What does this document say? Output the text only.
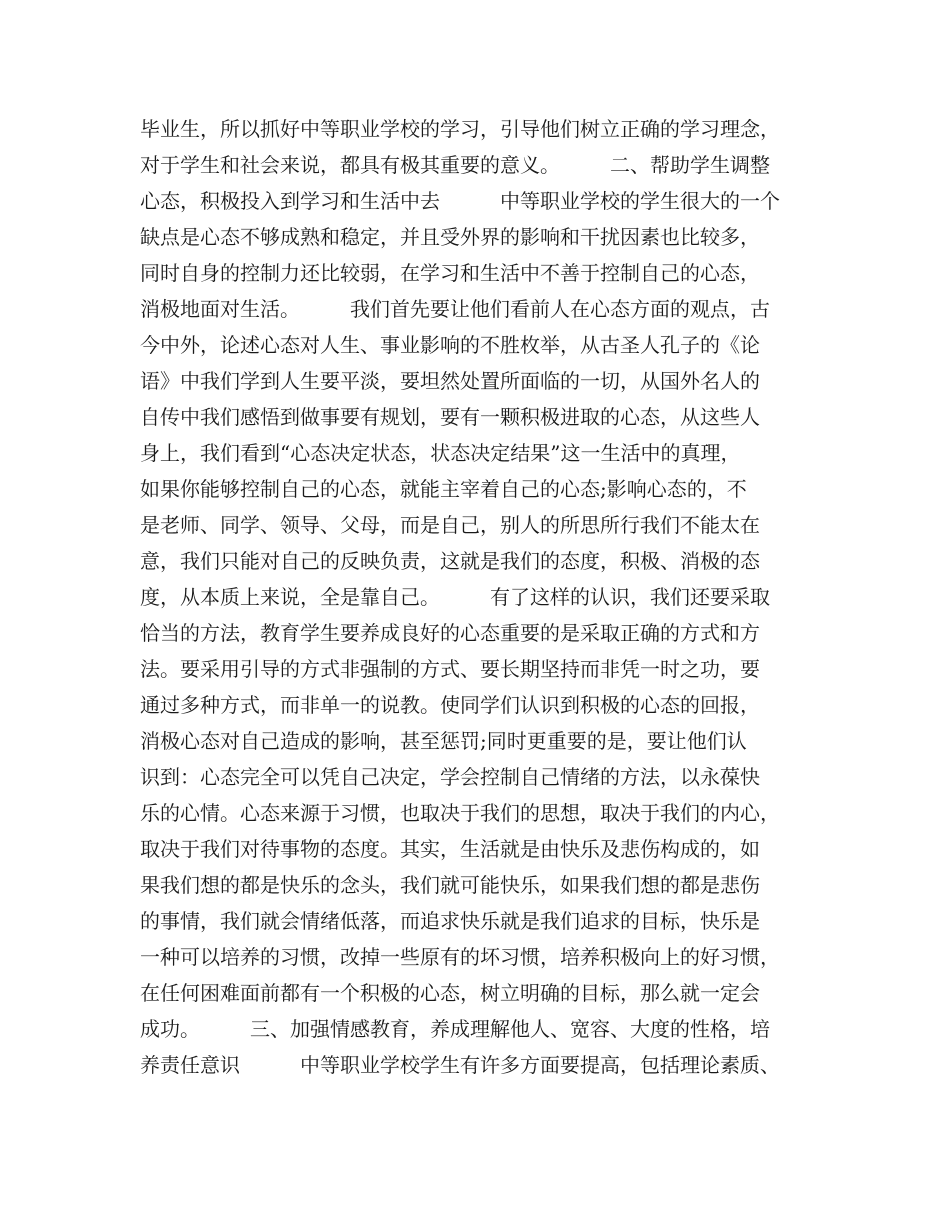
毕业生，所以抓好中等职业学校的学习，引导他们树立正确的学习理念，
对于学生和社会来说，都具有极其重要的意义。　　　二、帮助学生调整
心态，积极投入到学习和生活中去　　　中等职业学校的学生很大的一个
缺点是心态不够成熟和稳定，并且受外界的影响和干扰因素也比较多，
同时自身的控制力还比较弱，在学习和生活中不善于控制自己的心态，
消极地面对生活。　　　我们首先要让他们看前人在心态方面的观点，古
今中外，论述心态对人生、事业影响的不胜枚举，从古圣人孔子的《论
语》中我们学到人生要平淡，要坦然处置所面临的一切，从国外名人的
自传中我们感悟到做事要有规划，要有一颗积极进取的心态，从这些人
身上，我们看到“心态决定状态，状态决定结果”这一生活中的真理，
如果你能够控制自己的心态，就能主宰着自己的心态;影响心态的，不
是老师、同学、领导、父母，而是自己，别人的所思所行我们不能太在
意，我们只能对自己的反映负责，这就是我们的态度，积极、消极的态
度，从本质上来说，全是靠自己。　　　有了这样的认识，我们还要采取
恰当的方法，教育学生要养成良好的心态重要的是采取正确的方式和方
法。要采用引导的方式非强制的方式、要长期坚持而非凭一时之功，要
通过多种方式，而非单一的说教。使同学们认识到积极的心态的回报，
消极心态对自己造成的影响，甚至惩罚;同时更重要的是，要让他们认
识到：心态完全可以凭自己决定，学会控制自己情绪的方法，以永葆快
乐的心情。心态来源于习惯，也取决于我们的思想，取决于我们的内心，
取决于我们对待事物的态度。其实，生活就是由快乐及悲伤构成的，如
果我们想的都是快乐的念头，我们就可能快乐，如果我们想的都是悲伤
的事情，我们就会情绪低落，而追求快乐就是我们追求的目标，快乐是
一种可以培养的习惯，改掉一些原有的坏习惯，培养积极向上的好习惯，
在任何困难面前都有一个积极的心态，树立明确的目标，那么就一定会
成功。　　　三、加强情感教育，养成理解他人、宽容、大度的性格，培
养责任意识　　　中等职业学校学生有许多方面要提高，包括理论素质、
